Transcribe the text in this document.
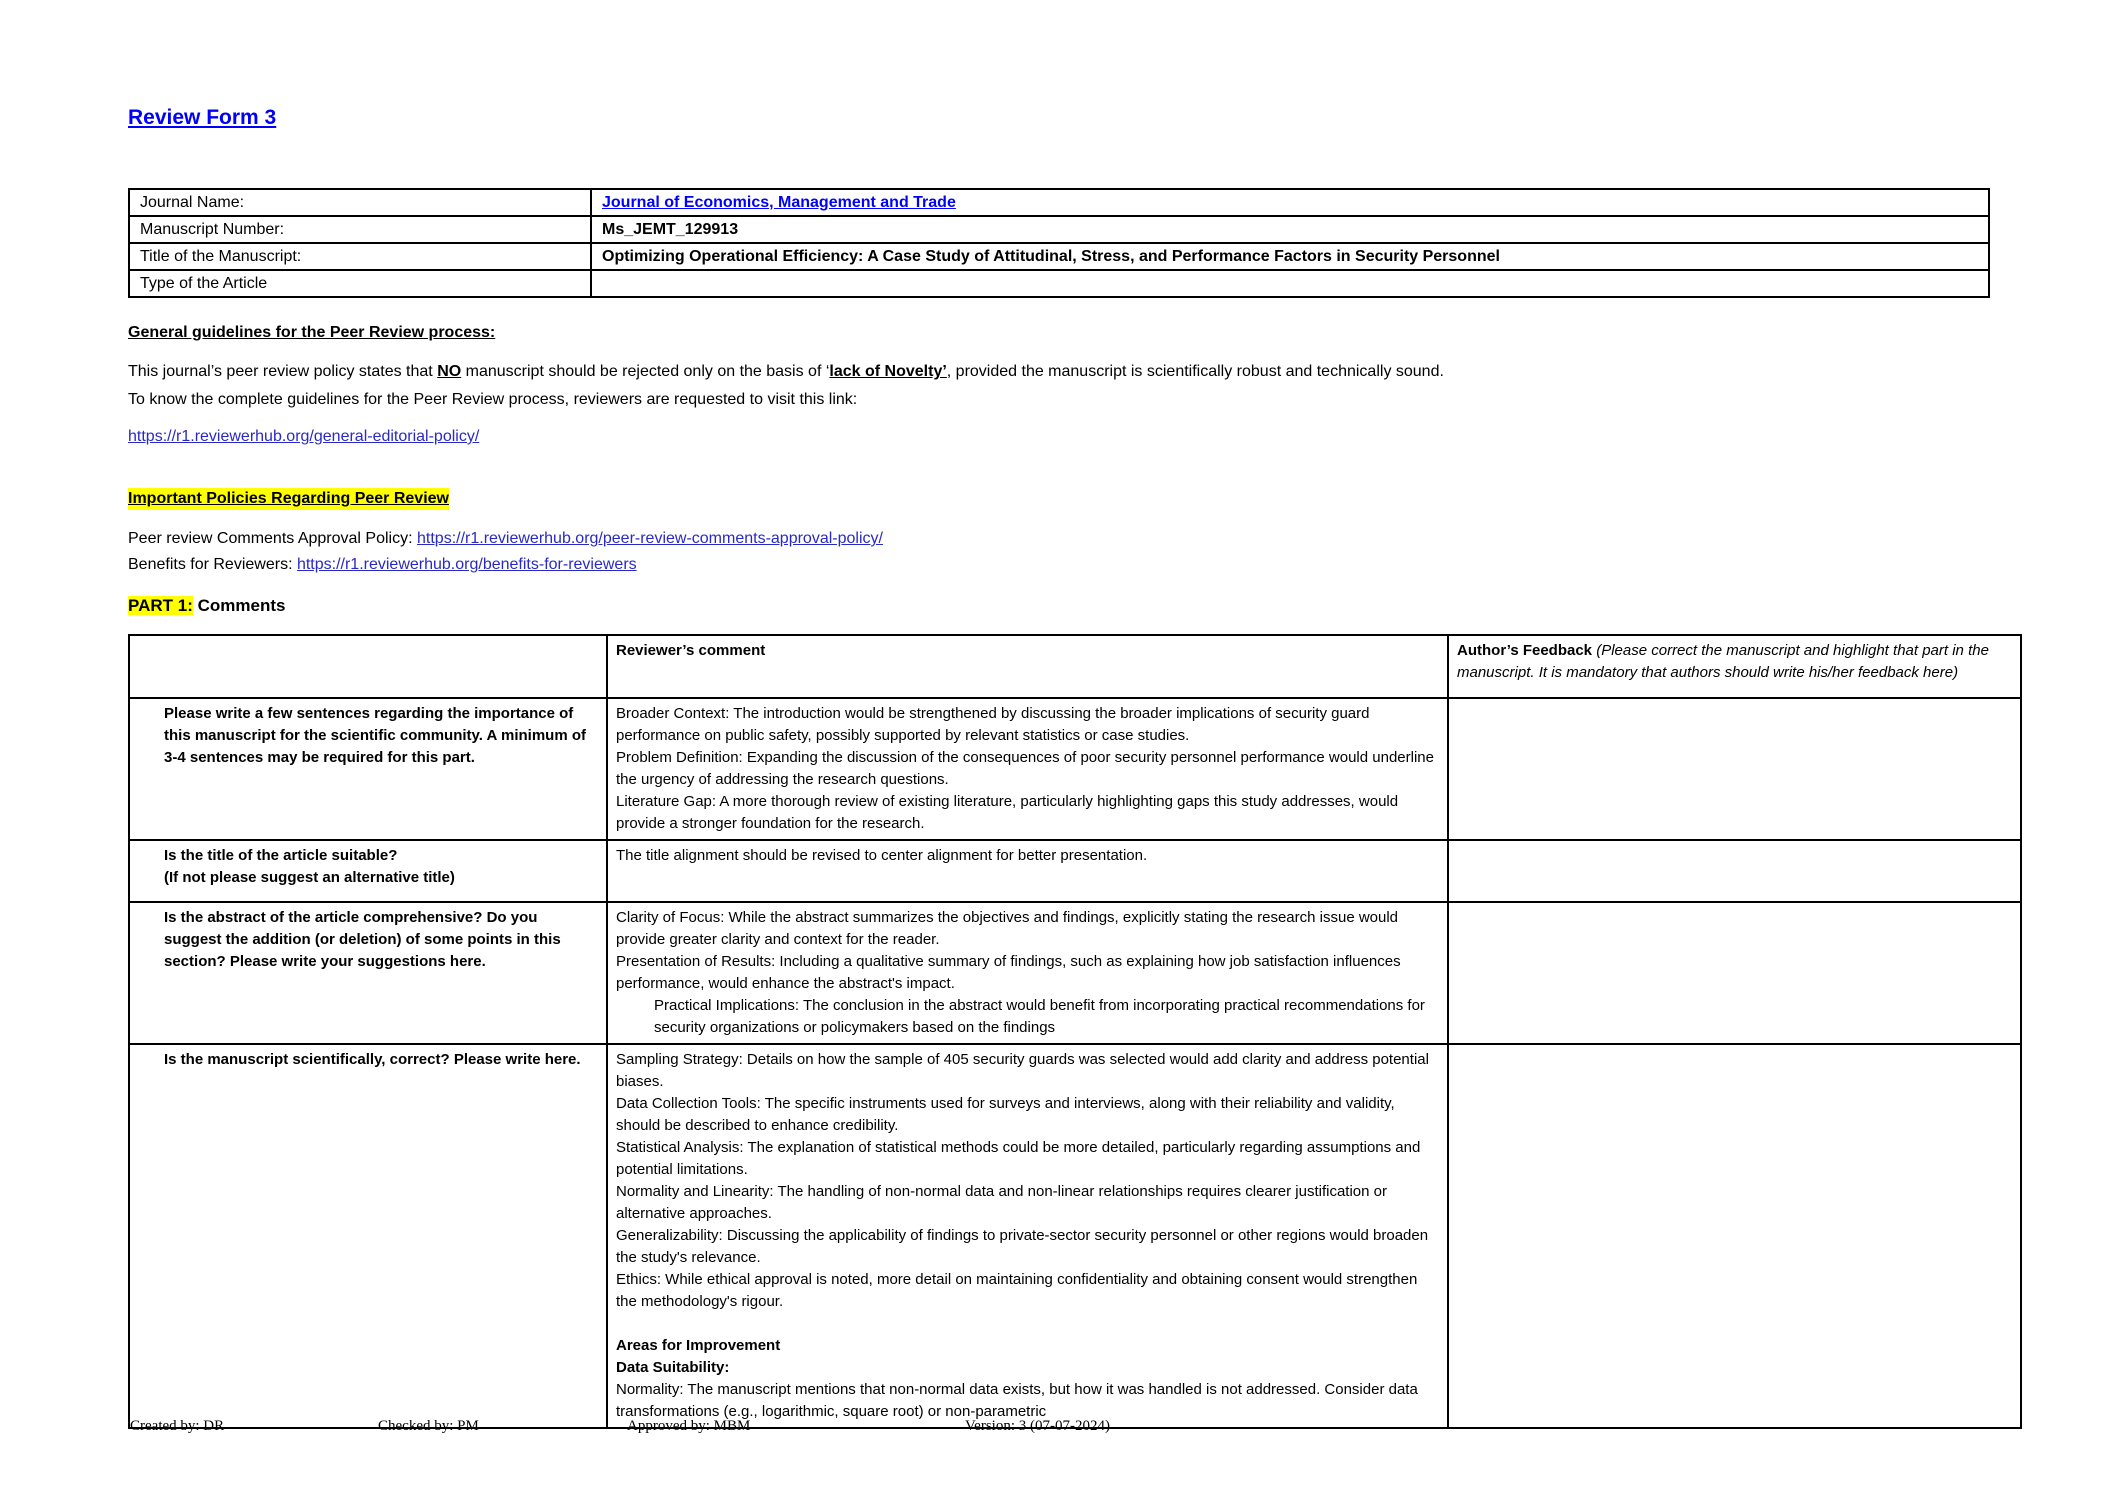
Review Form 3
Journal Name:	Journal of Economics, Management and Trade
Manuscript Number:	Ms_JEMT_129913
Title of the Manuscript:	Optimizing Operational Efficiency: A Case Study of Attitudinal, Stress, and Performance Factors in Security Personnel
Type of the Article	
General guidelines for the Peer Review process:
This journal’s peer review policy states that NO manuscript should be rejected only on the basis of ‘lack of Novelty’, provided the manuscript is scientifically robust and technically sound.
To know the complete guidelines for the Peer Review process, reviewers are requested to visit this link:
https://r1.reviewerhub.org/general-editorial-policy/
Important Policies Regarding Peer Review
Peer review Comments Approval Policy: https://r1.reviewerhub.org/peer-review-comments-approval-policy/
Benefits for Reviewers: https://r1.reviewerhub.org/benefits-for-reviewers
PART 1: Comments
	Reviewer’s comment	Author’s Feedback (Please correct the manuscript and highlight that part in the manuscript. It is mandatory that authors should write his/her feedback here)
Please write a few sentences regarding the importance of this manuscript for the scientific community. A minimum of 3-4 sentences may be required for this part.	Broader Context: The introduction would be strengthened by discussing the broader implications of security guard performance on public safety, possibly supported by relevant statistics or case studies.
Problem Definition: Expanding the discussion of the consequences of poor security personnel performance would underline the urgency of addressing the research questions.
Literature Gap: A more thorough review of existing literature, particularly highlighting gaps this study addresses, would provide a stronger foundation for the research.	

Is the title of the article suitable?
(If not please suggest an alternative title)	The title alignment should be revised to center alignment for better presentation.	

Is the abstract of the article comprehensive? Do you suggest the addition (or deletion) of some points in this section? Please write your suggestions here.	Clarity of Focus: While the abstract summarizes the objectives and findings, explicitly stating the research issue would provide greater clarity and context for the reader.
Presentation of Results: Including a qualitative summary of findings, such as explaining how job satisfaction influences performance, would enhance the abstract's impact.
Practical Implications: The conclusion in the abstract would benefit from incorporating practical recommendations for security organizations or policymakers based on the findings	

Is the manuscript scientifically, correct? Please write here.	Sampling Strategy: Details on how the sample of 405 security guards was selected would add clarity and address potential biases.
Data Collection Tools: The specific instruments used for surveys and interviews, along with their reliability and validity, should be described to enhance credibility.
Statistical Analysis: The explanation of statistical methods could be more detailed, particularly regarding assumptions and potential limitations.
Normality and Linearity: The handling of non-normal data and non-linear relationships requires clearer justification or alternative approaches.
Generalizability: Discussing the applicability of findings to private-sector security personnel or other regions would broaden the study's relevance.
Ethics: While ethical approval is noted, more detail on maintaining confidentiality and obtaining consent would strengthen the methodology's rigour.

Areas for Improvement
Data Suitability:
Normality: The manuscript mentions that non-normal data exists, but how it was handled is not addressed. Consider data transformations (e.g., logarithmic, square root) or non-parametric

Created by: DR	Checked by: PM	Approved by: MBM	Version: 3 (07-07-2024)
